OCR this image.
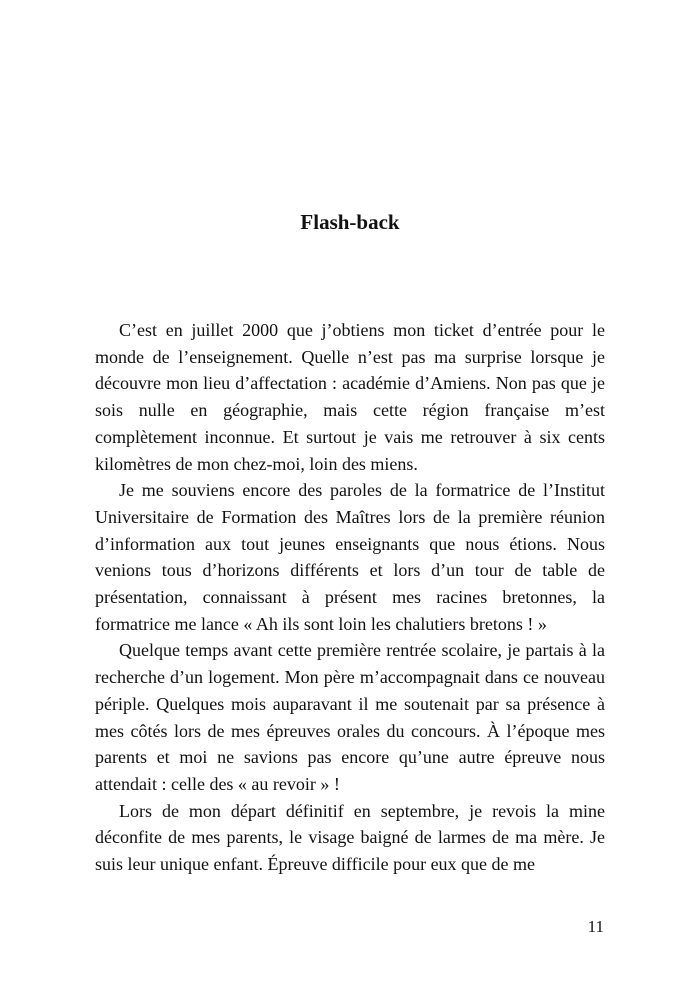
Flash-back

C’est en juillet 2000 que j’obtiens mon ticket d’entrée pour le monde de l’enseignement. Quelle n’est pas ma surprise lorsque je découvre mon lieu d’affectation : académie d’Amiens. Non pas que je sois nulle en géographie, mais cette région française m’est complètement inconnue. Et surtout je vais me retrouver à six cents kilomètres de mon chez-moi, loin des miens.

Je me souviens encore des paroles de la formatrice de l’Institut Universitaire de Formation des Maîtres lors de la première réunion d’information aux tout jeunes enseignants que nous étions. Nous venions tous d’horizons différents et lors d’un tour de table de présentation, connaissant à présent mes racines bretonnes, la formatrice me lance « Ah ils sont loin les chalutiers bretons ! »

Quelque temps avant cette première rentrée scolaire, je partais à la recherche d’un logement. Mon père m’accompagnait dans ce nouveau périple. Quelques mois auparavant il me soutenait par sa présence à mes côtés lors de mes épreuves orales du concours. À l’époque mes parents et moi ne savions pas encore qu’une autre épreuve nous attendait : celle des « au revoir » !

Lors de mon départ définitif en septembre, je revois la mine déconfite de mes parents, le visage baigné de larmes de ma mère. Je suis leur unique enfant. Épreuve difficile pour eux que de me

11
